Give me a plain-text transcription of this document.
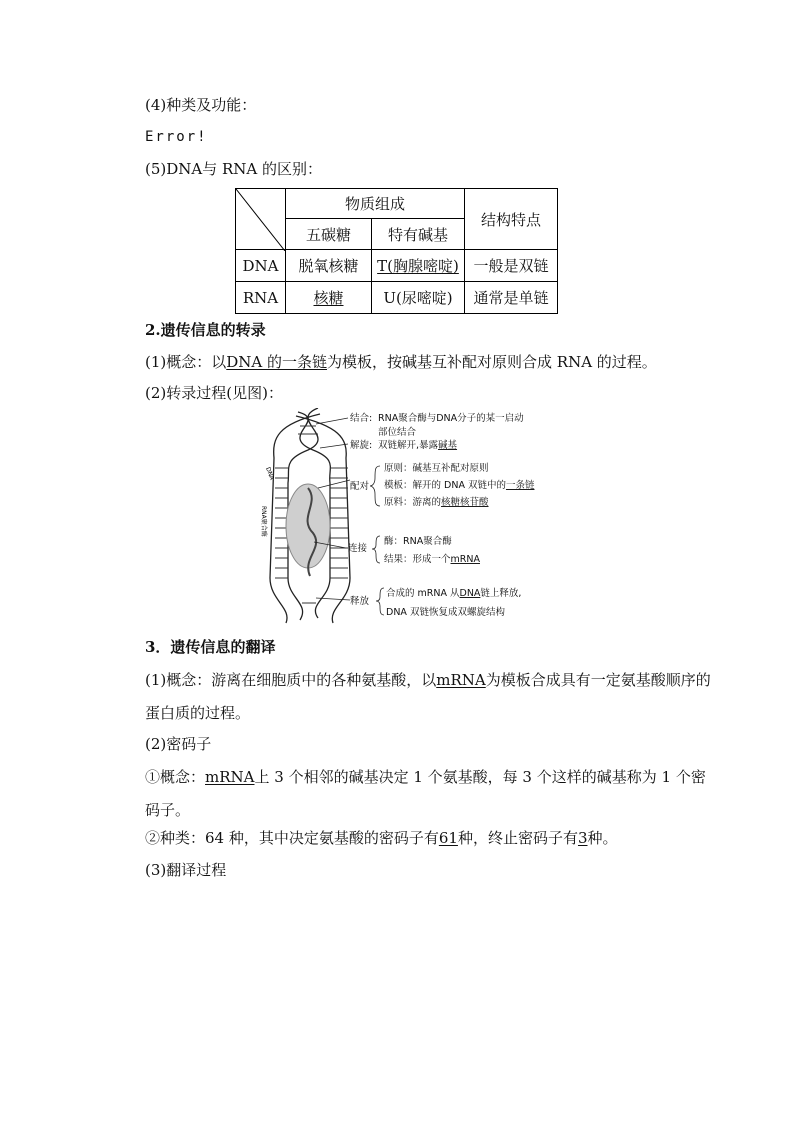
(4)种类及功能：
Error!
(5)DNA与 RNA 的区别：
	物质组成		结构特点
	五碳糖	特有碱基	
DNA	脱氧核糖	T(胸腺嘧啶)	一般是双链
RNA	核糖	U(尿嘧啶)	通常是单链
2.遗传信息的转录
(1)概念：以DNA 的一条链为模板，按碱基互补配对原则合成 RNA 的过程。
(2)转录过程(见图)：
DNA
RNA聚合酶
结合: RNA聚合酶与DNA分子的某一启动
部位结合
解旋: 双链解开,暴露碱基
配对
原则：碱基互补配对原则
模板：解开的 DNA 双链中的一条链
原料：游离的核糖核苷酸
连接
酶：RNA聚合酶
结果：形成一个mRNA
释放
合成的 mRNA 从DNA链上释放,
DNA 双链恢复成双螺旋结构
3．遗传信息的翻译
(1)概念：游离在细胞质中的各种氨基酸，以mRNA为模板合成具有一定氨基酸顺序的蛋白质的过程。
(2)密码子
①概念：mRNA上 3 个相邻的碱基决定 1 个氨基酸，每 3 个这样的碱基称为 1 个密码子。
②种类：64 种，其中决定氨基酸的密码子有61种，终止密码子有3种。
(3)翻译过程
